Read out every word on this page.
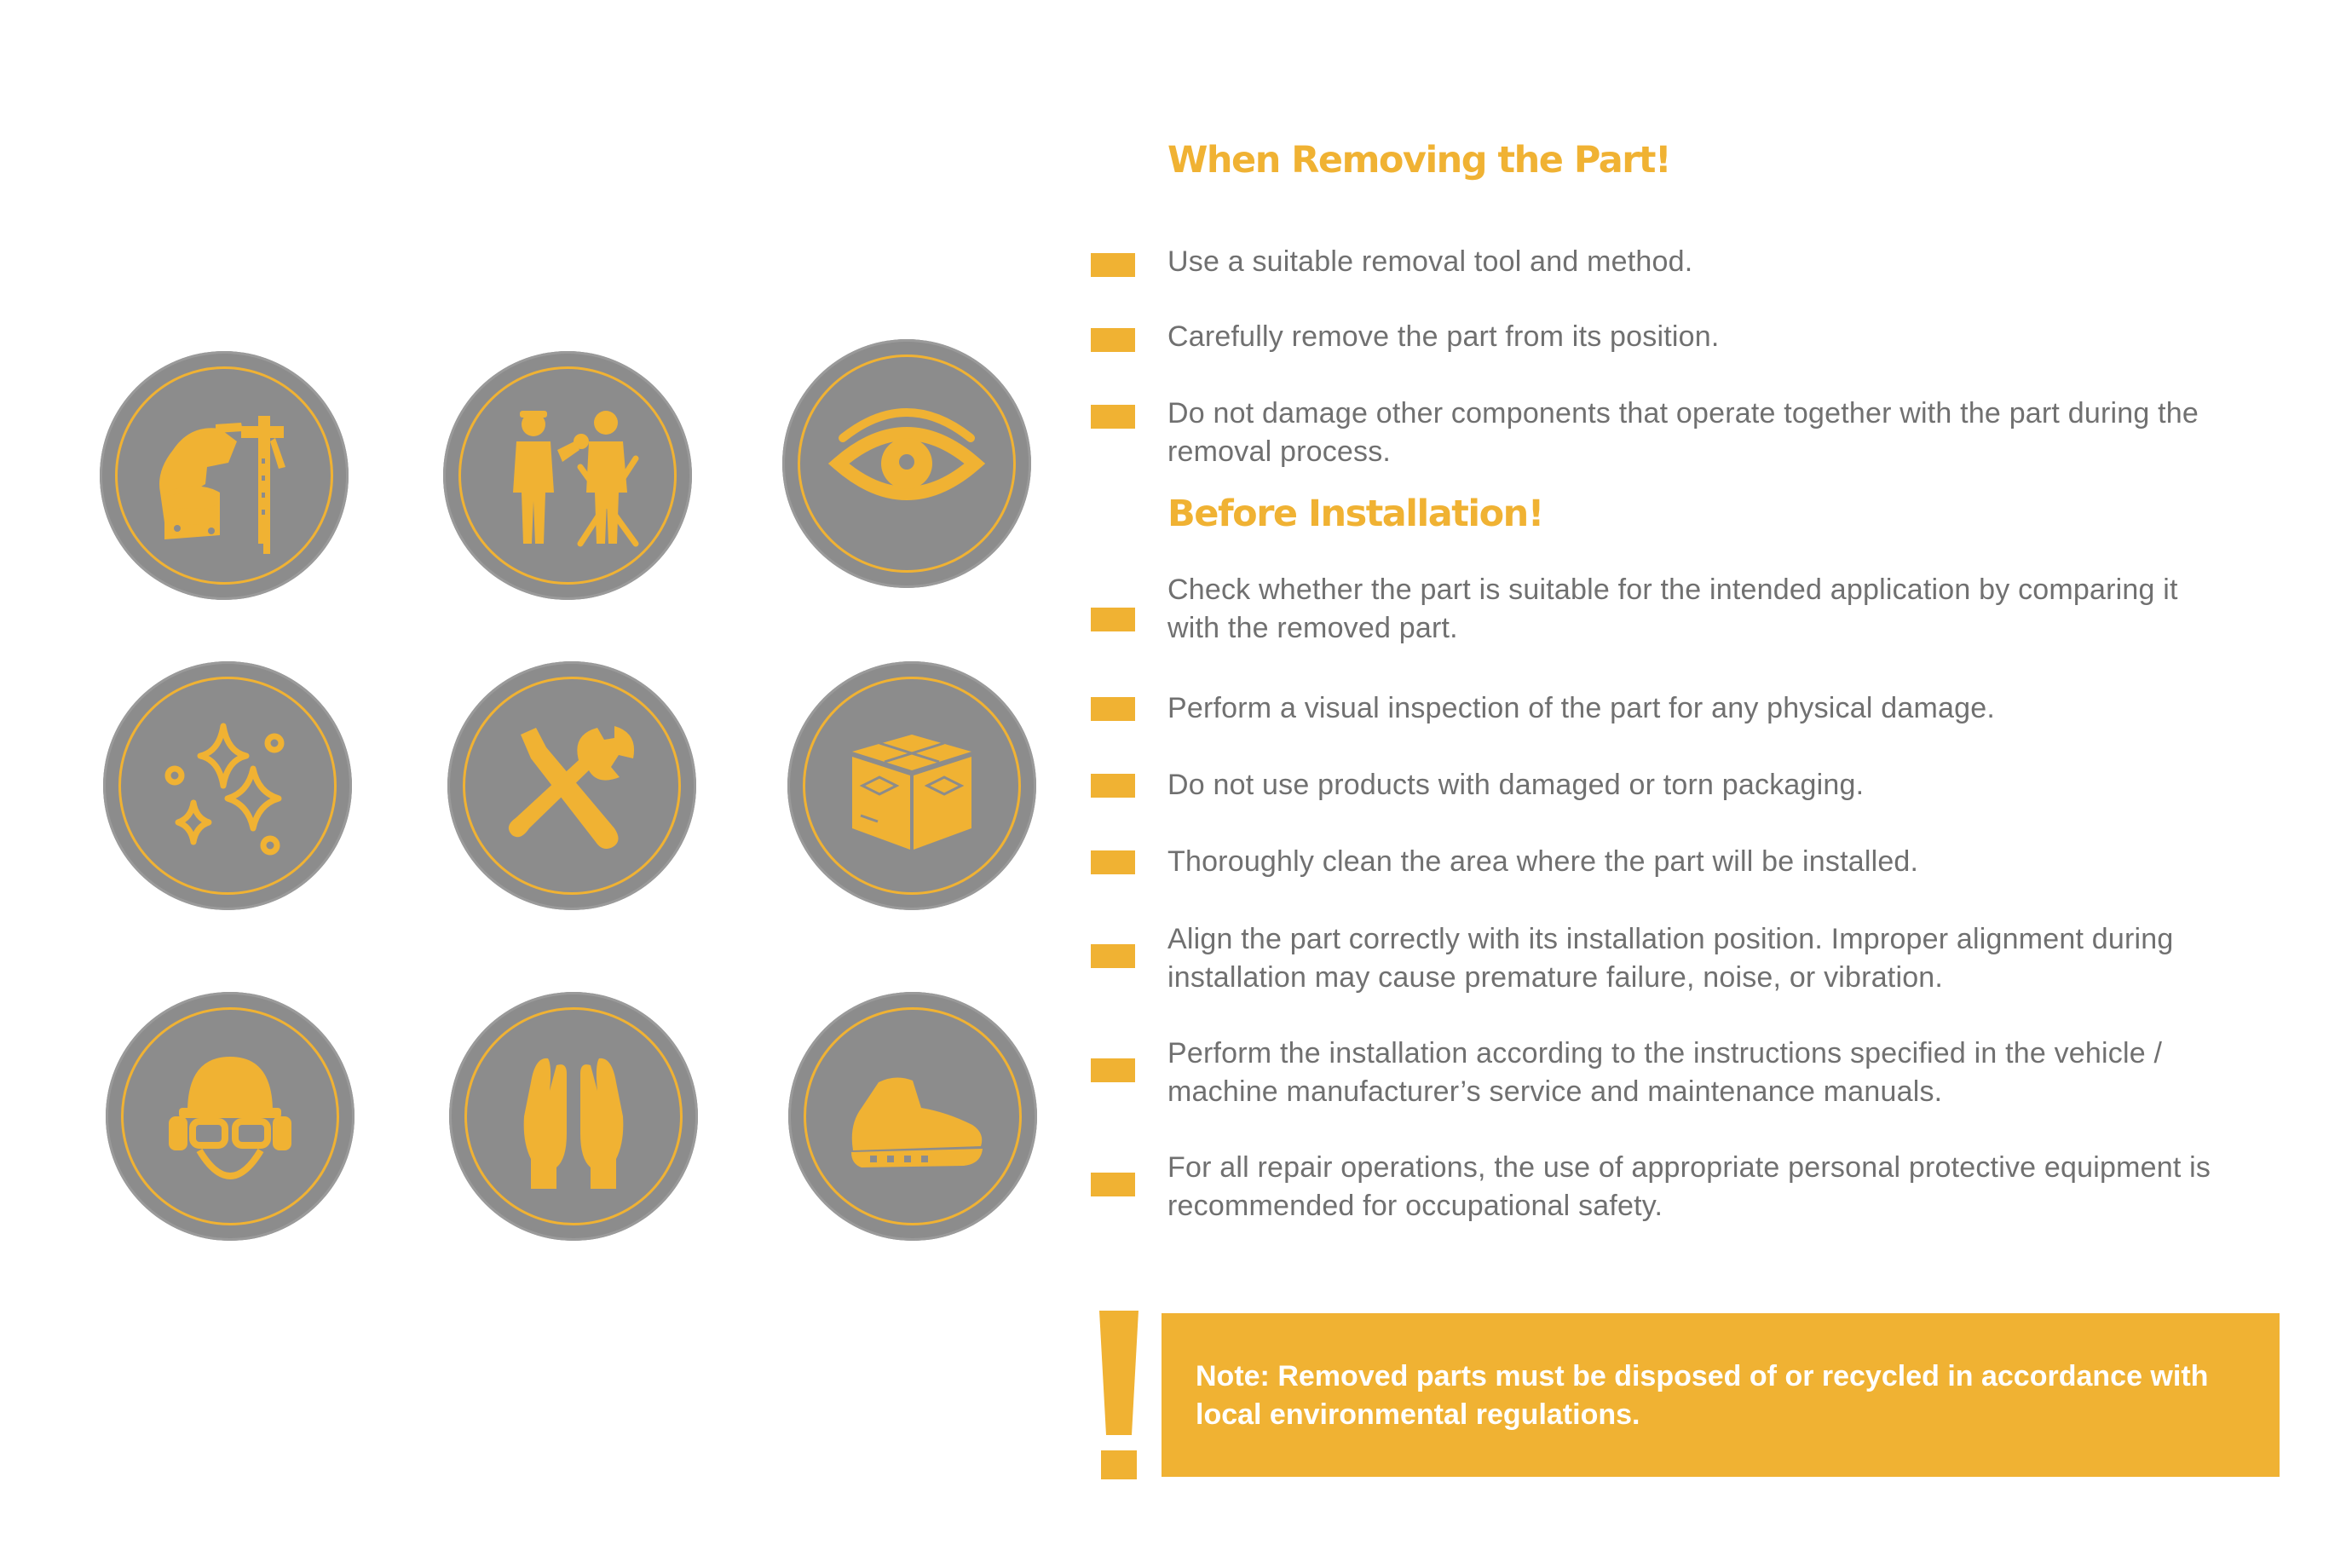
When Removing the Part!
Use a suitable removal tool and method.
Carefully remove the part from its position.
Do not damage other components that operate together with the part during the removal process.
Before Installation!
Check whether the part is suitable for the intended application by comparing it with the removed part.
Perform a visual inspection of the part for any physical damage.
Do not use products with damaged or torn packaging.
Thoroughly clean the area where the part will be installed.
Align the part correctly with its installation position. Improper alignment during installation may cause premature failure, noise, or vibration.
Perform the installation according to the instructions specified in the vehicle / machine manufacturer’s service and maintenance manuals.
For all repair operations, the use of appropriate personal protective equipment is recommended for occupational safety.

Note: Removed parts must be disposed of or recycled in accordance with local environmental regulations.
